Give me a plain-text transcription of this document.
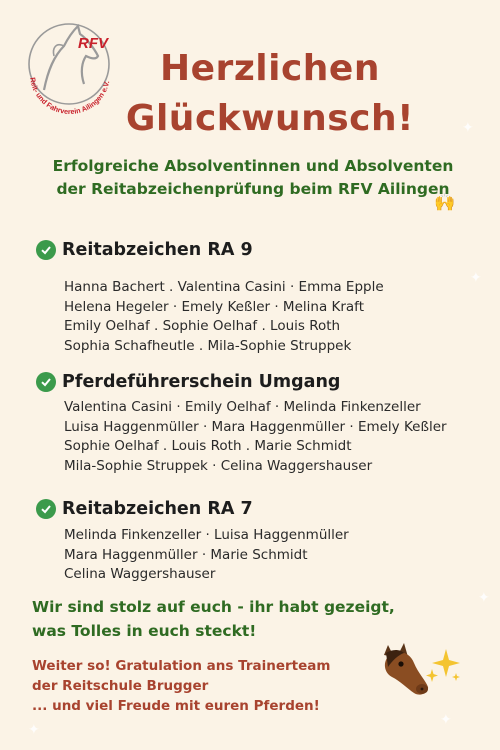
✦
✦
✦
✦
✦
RFV
Reit- und Fahrverein Ailingen e.V.	Herzlichen
Glückwunsch!
Erfolgreiche Absolventinnen und Absolventen
der Reitabzeichenprüfung beim RFV Ailingen
🙌
Reitabzeichen RA 9
Hanna Bachert . Valentina Casini · Emma Epple
Helena Hegeler · Emely Keßler · Melina Kraft
Emily Oelhaf . Sophie Oelhaf . Louis Roth
Sophia Schafheutle . Mila-Sophie Struppek
Pferdeführerschein Umgang
Valentina Casini · Emily Oelhaf · Melinda Finkenzeller
Luisa Haggenmüller · Mara Haggenmüller · Emely Keßler
Sophie Oelhaf . Louis Roth . Marie Schmidt
Mila-Sophie Struppek · Celina Waggershauser
Reitabzeichen RA 7
Melinda Finkenzeller · Luisa Haggenmüller
Mara Haggenmüller · Marie Schmidt
Celina Waggershauser
Wir sind stolz auf euch - ihr habt gezeigt,
was Tolles in euch steckt!
Weiter so! Gratulation ans Trainerteam
der Reitschule Brugger
... und viel Freude mit euren Pferden!
